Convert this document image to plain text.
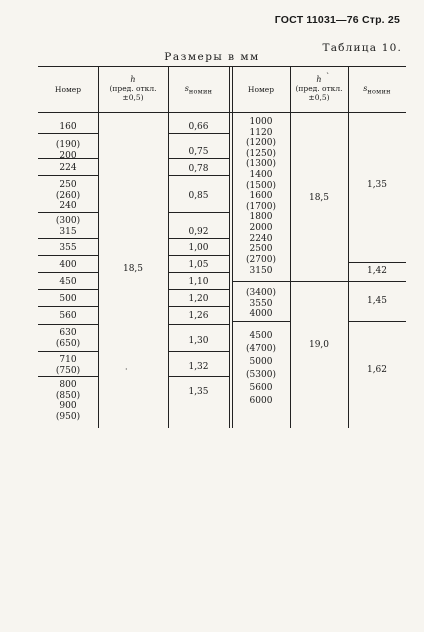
ГОСТ 11031—76 Стр. 25
Таблица 10.
Размеры в мм
Номер
h
(пред. откл.
±0,5)
$s_{номин}$	Номер
h
(пред. откл.
±0,5)
$s_{номин}$
`
·
160
(190)
200
224
250
(260)
240
(300)
315
355
400
450
500
560
630
(650)
710
(750)
800
(850)
900
(950)
18,5
0,66
0,75
0,78
0,85
0,92
1,00
1,05
1,10
1,20
1,26
1,30
1,32
1,35
1000
1120
(1200)
(1250)
(1300)
1400
(1500)
1600
(1700)
1800
2000
2240
2500
(2700)
3150
(3400)
3550
4000
4500
(4700)
5000
(5300)
5600
6000
18,5
19,0
1,35
1,42
1,45
1,62
